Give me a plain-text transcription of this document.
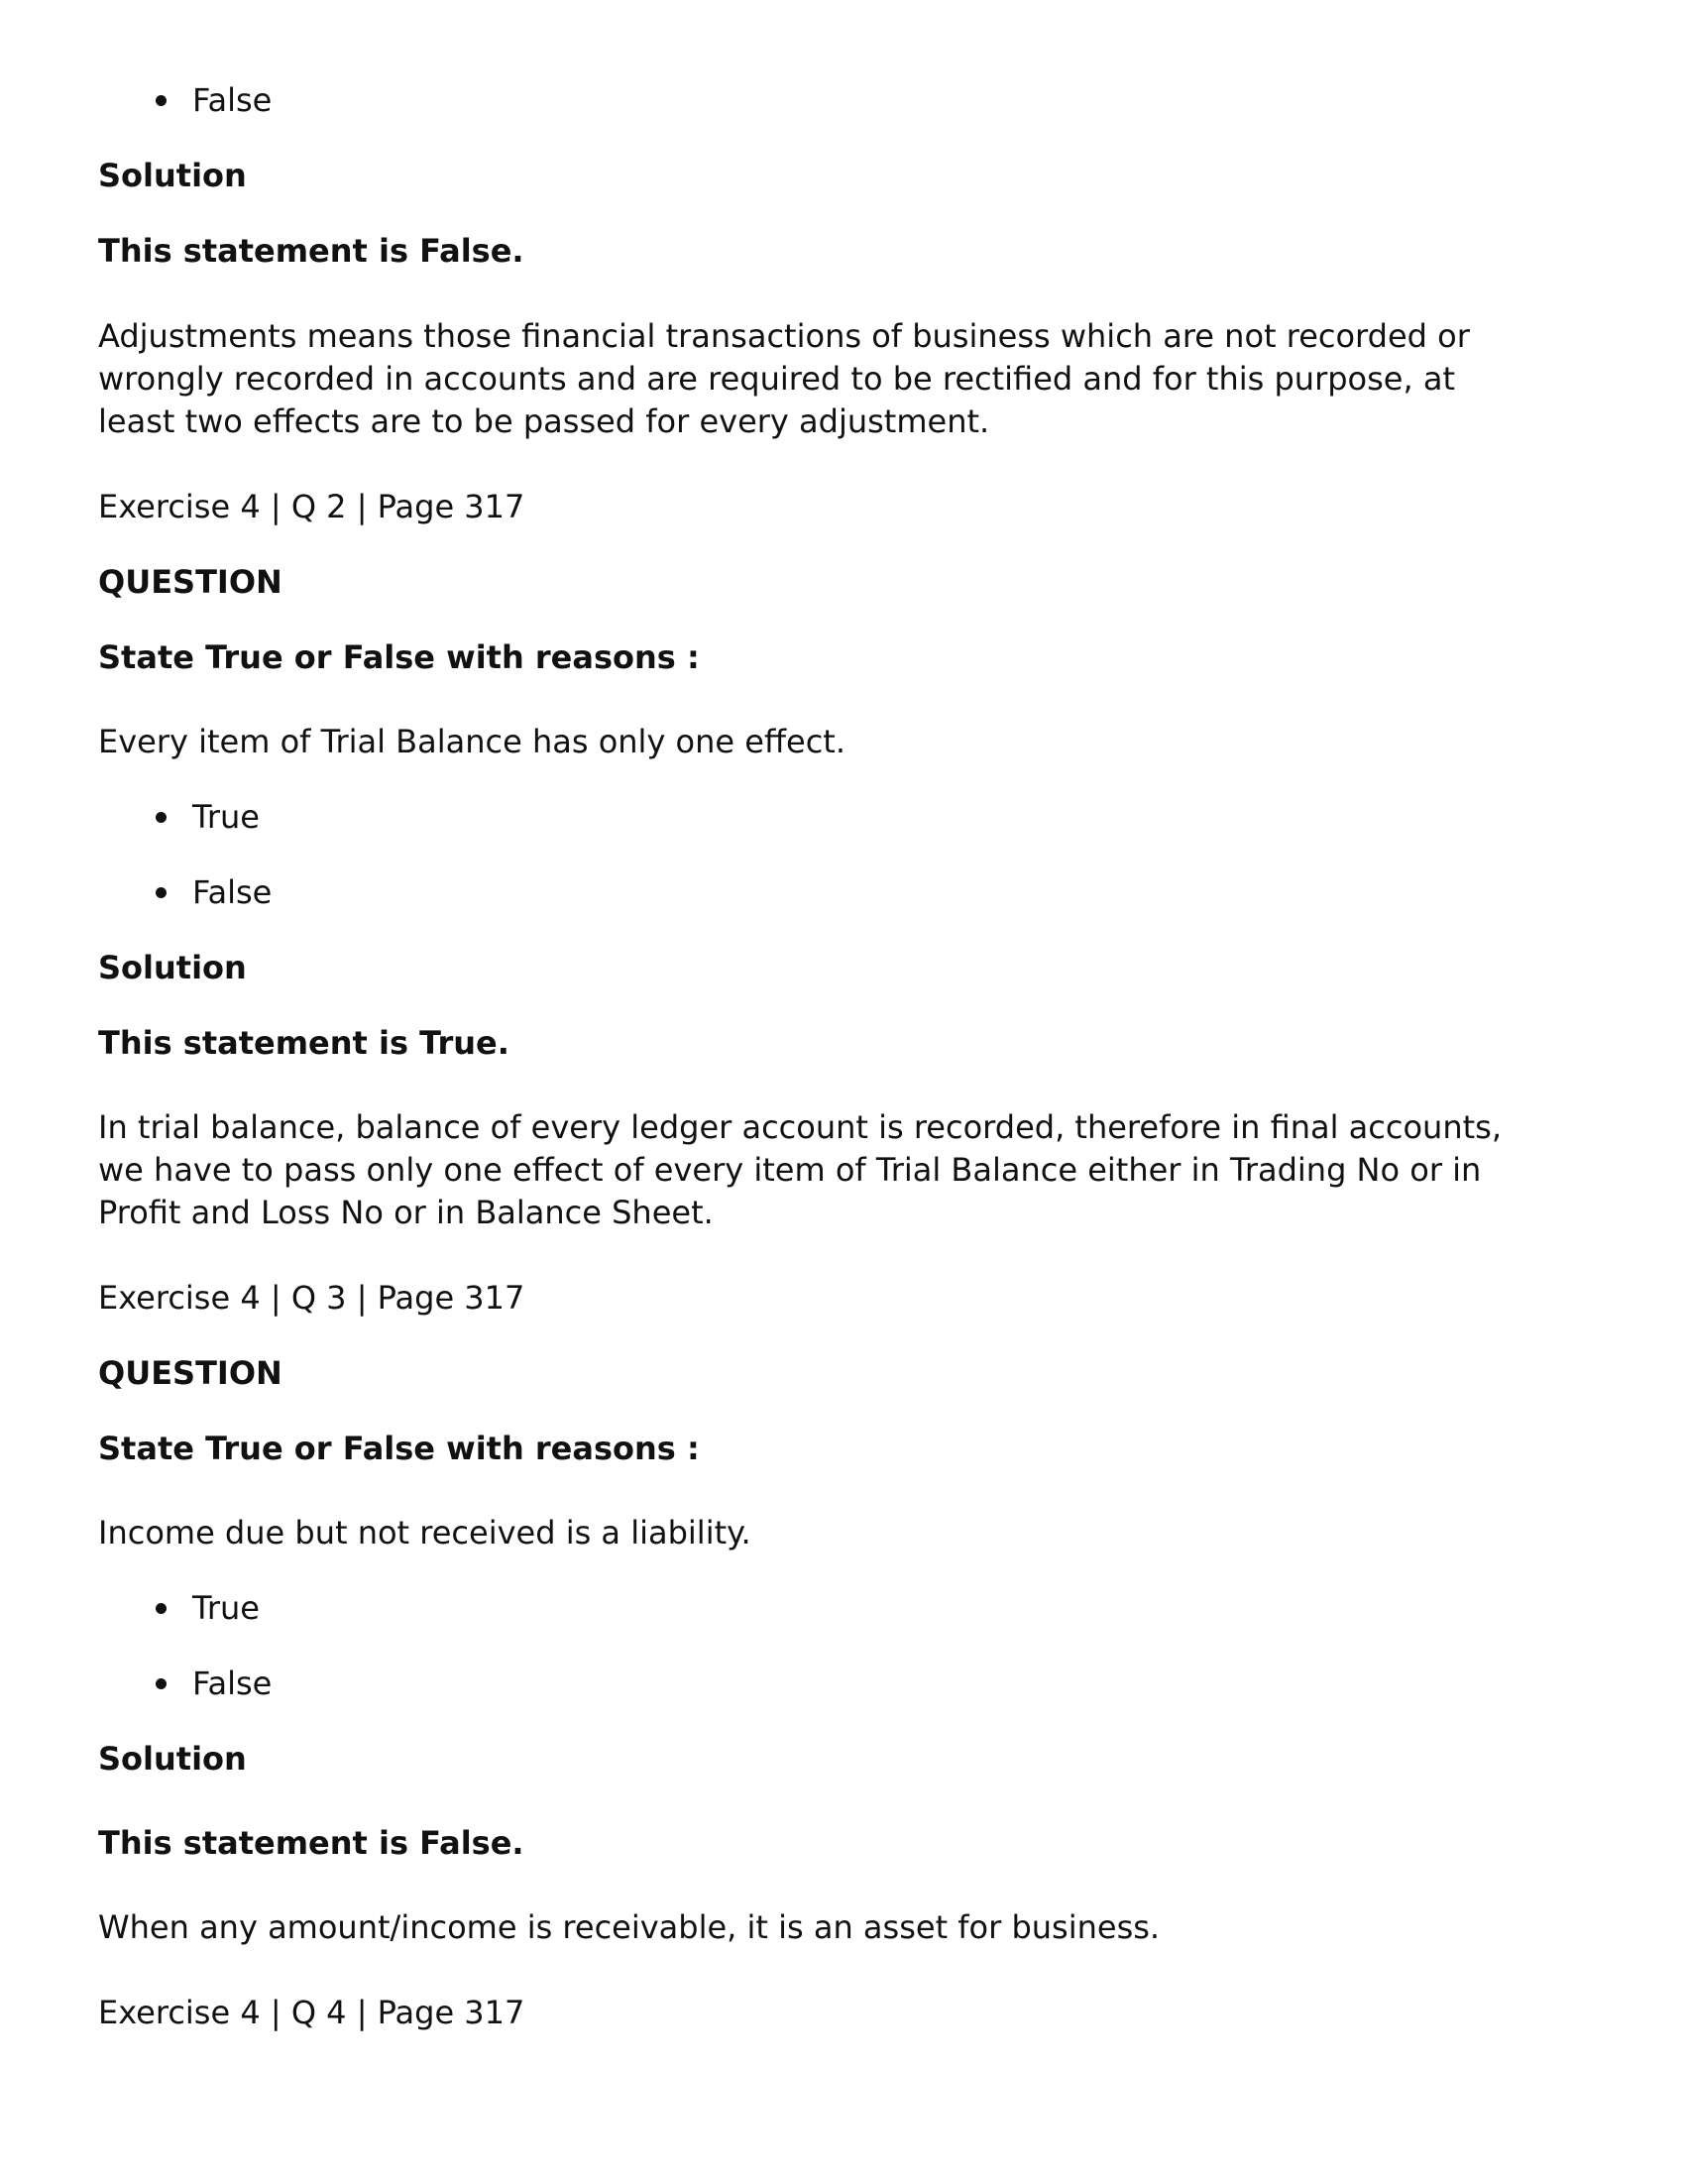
False

Solution

This statement is False.

Adjustments means those financial transactions of business which are not recorded or

wrongly recorded in accounts and are required to be rectified and for this purpose, at

least two effects are to be passed for every adjustment.

Exercise 4 | Q 2 | Page 317

QUESTION

State True or False with reasons :

Every item of Trial Balance has only one effect.

True

False

Solution

This statement is True.

In trial balance, balance of every ledger account is recorded, therefore in final accounts,

we have to pass only one effect of every item of Trial Balance either in Trading No or in

Profit and Loss No or in Balance Sheet.

Exercise 4 | Q 3 | Page 317

QUESTION

State True or False with reasons :

Income due but not received is a liability.

True

False

Solution

This statement is False.

When any amount/income is receivable, it is an asset for business.

Exercise 4 | Q 4 | Page 317
